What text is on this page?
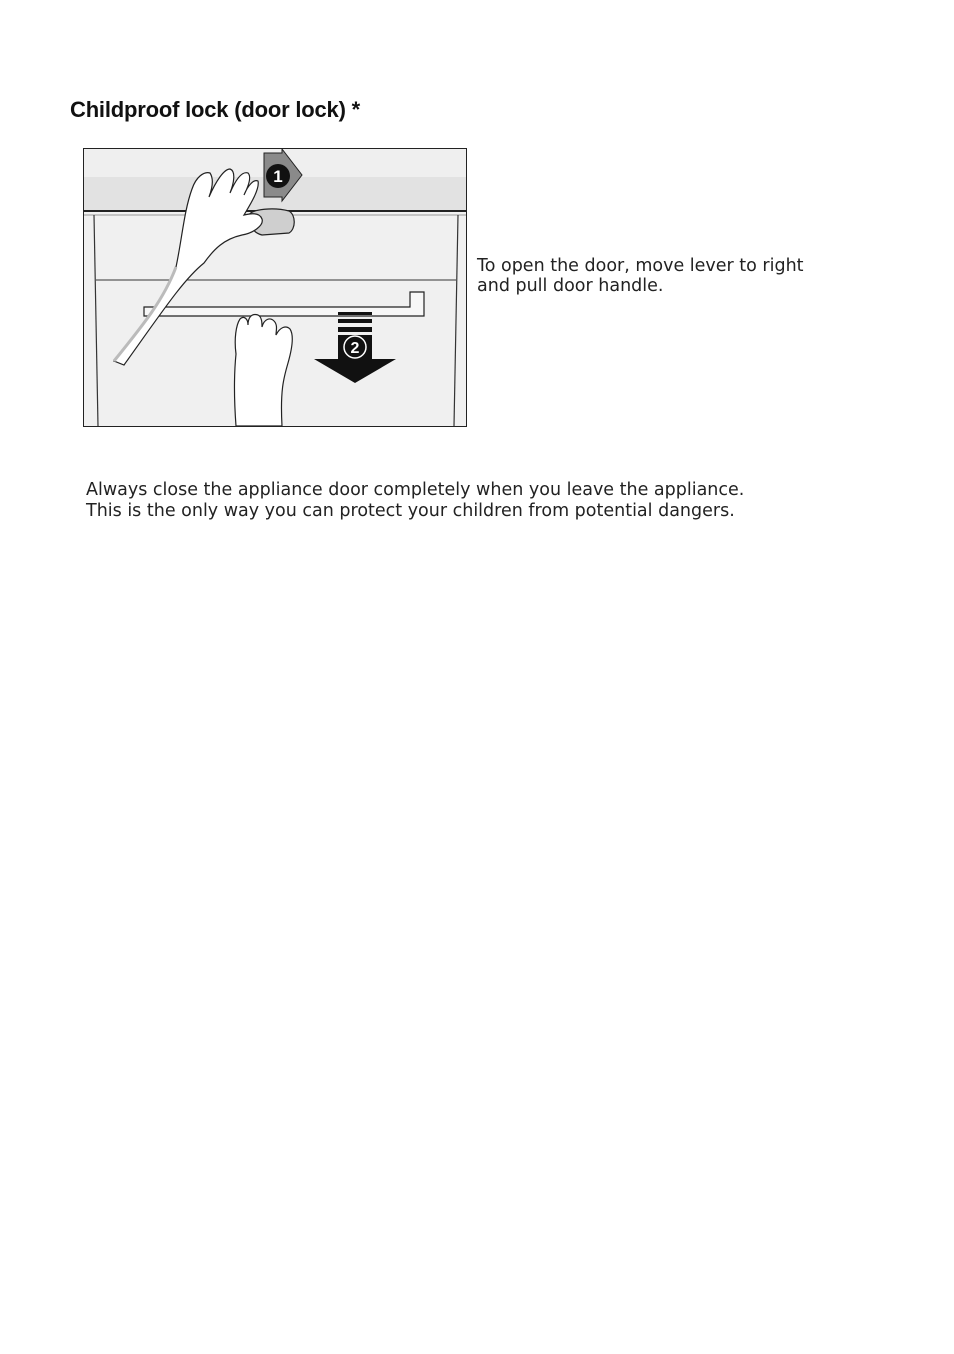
Childproof lock (door lock) *
1
2

To open the door, move lever to right
and pull door handle.

Always close the appliance door completely when you leave the appliance.
This is the only way you can protect your children from potential dangers.
